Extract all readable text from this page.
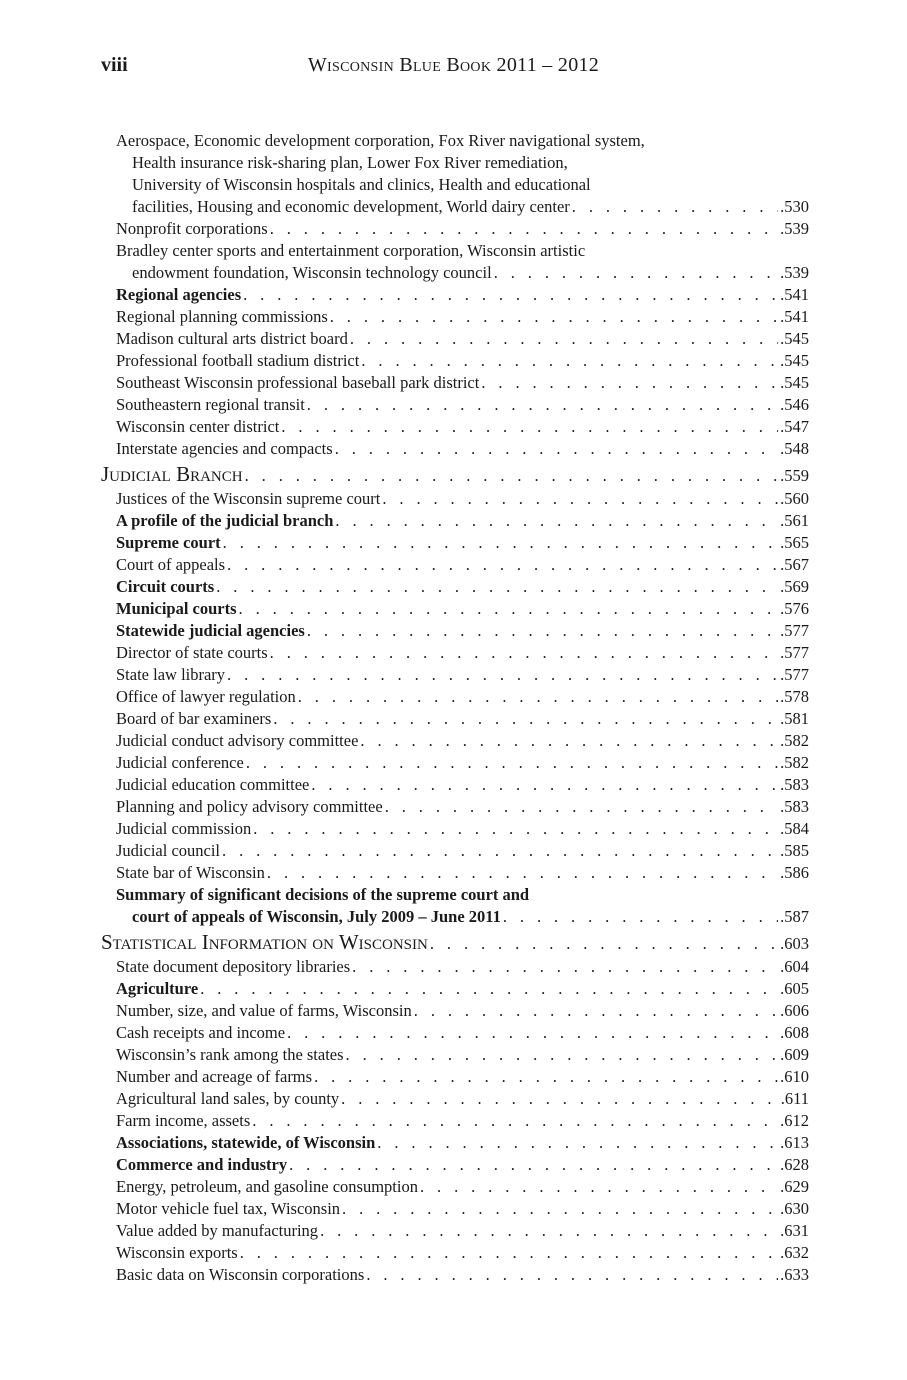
viii	Wisconsin Blue Book 2011 – 2012
Aerospace, Economic development corporation, Fox River navigational system,
Health insurance risk-sharing plan, Lower Fox River remediation,
University of Wisconsin hospitals and clinics, Health and educational
facilities, Housing and economic development, World dairy center . . .	.530
Nonprofit corporations . . .	.539
Bradley center sports and entertainment corporation, Wisconsin artistic
endowment foundation, Wisconsin technology council . . .	.539
Regional agencies . . .	.541
Regional planning commissions . . .	.541
Madison cultural arts district board . . .	.545
Professional football stadium district . . .	.545
Southeast Wisconsin professional baseball park district . . .	.545
Southeastern regional transit . . .	.546
Wisconsin center district . . .	.547
Interstate agencies and compacts . . .	.548
Judicial Branch . . .	.559
Justices of the Wisconsin supreme court . . .	.560
A profile of the judicial branch . . .	.561
Supreme court . . .	.565
Court of appeals . . .	.567
Circuit courts . . .	.569
Municipal courts . . .	.576
Statewide judicial agencies . . .	.577
Director of state courts . . .	.577
State law library . . .	.577
Office of lawyer regulation . . .	.578
Board of bar examiners . . .	.581
Judicial conduct advisory committee . . .	.582
Judicial conference . . .	.582
Judicial education committee . . .	.583
Planning and policy advisory committee . . .	.583
Judicial commission . . .	.584
Judicial council . . .	.585
State bar of Wisconsin . . .	.586
Summary of significant decisions of the supreme court and
court of appeals of Wisconsin, July 2009 – June 2011 . . .	.587
Statistical Information on Wisconsin . . .	.603
State document depository libraries . . .	.604
Agriculture . . .	.605
Number, size, and value of farms, Wisconsin . . .	.606
Cash receipts and income . . .	.608
Wisconsin’s rank among the states . . .	.609
Number and acreage of farms . . .	.610
Agricultural land sales, by county . . .	.611
Farm income, assets . . .	.612
Associations, statewide, of Wisconsin . . .	.613
Commerce and industry . . .	.628
Energy, petroleum, and gasoline consumption . . .	.629
Motor vehicle fuel tax, Wisconsin . . .	.630
Value added by manufacturing . . .	.631
Wisconsin exports . . .	.632
Basic data on Wisconsin corporations . . .	.633
